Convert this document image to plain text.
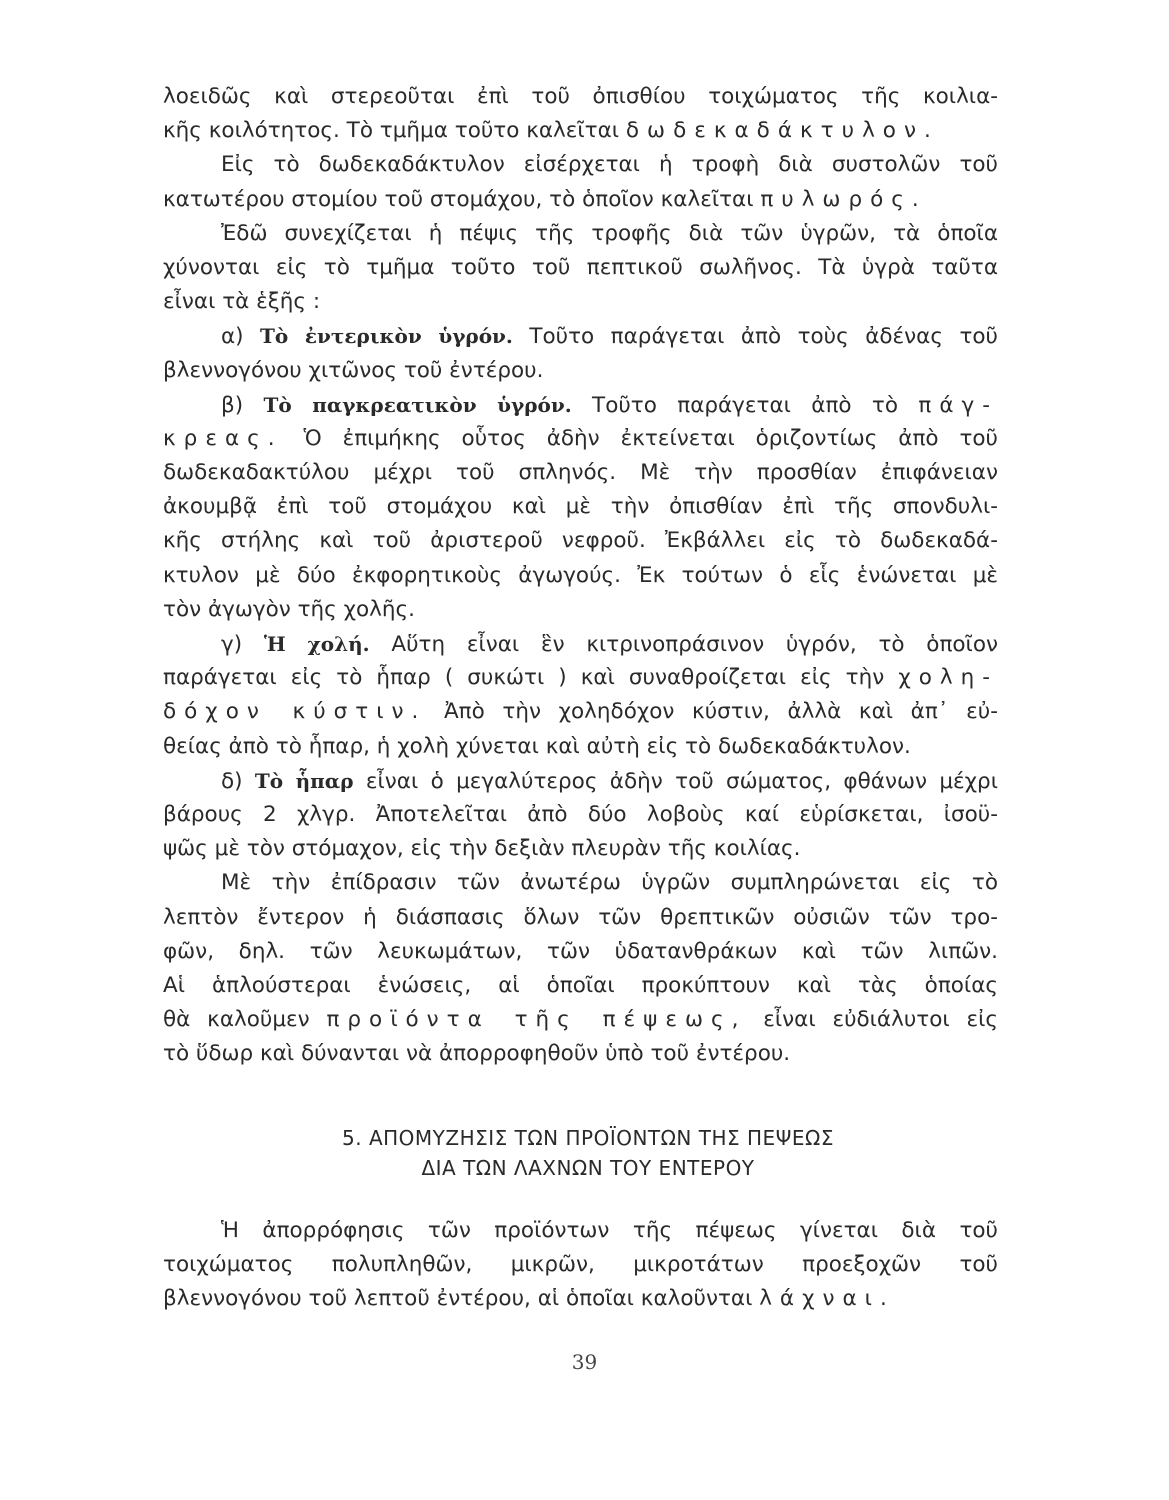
λοειδῶς καὶ στερεοῦται ἐπὶ τοῦ ὀπισθίου τοιχώματος τῆς κοιλια-
κῆς κοιλότητος. Τὸ τμῆμα τοῦτο καλεῖται δωδεκαδάκτυλον.
Εἰς τὸ δωδεκαδάκτυλον εἰσέρχεται ἡ τροφὴ διὰ συστολῶν τοῦ
κατωτέρου στομίου τοῦ στομάχου, τὸ ὁποῖον καλεῖται πυλωρός.
Ἐδῶ συνεχίζεται ἡ πέψις τῆς τροφῆς διὰ τῶν ὑγρῶν, τὰ ὁποῖα
χύνονται εἰς τὸ τμῆμα τοῦτο τοῦ πεπτικοῦ σωλῆνος. Τὰ ὑγρὰ ταῦτα
εἶναι τὰ ἑξῆς :
α) Τὸ ἐντερικὸν ὑγρόν. Τοῦτο παράγεται ἀπὸ τοὺς ἀδένας τοῦ
βλεννογόνου χιτῶνος τοῦ ἐντέρου.
β) Τὸ παγκρεατικὸν ὑγρόν. Τοῦτο παράγεται ἀπὸ τὸ πάγ-
κρεας. Ὁ ἐπιμήκης οὗτος ἀδὴν ἐκτείνεται ὁριζοντίως ἀπὸ τοῦ
δωδεκαδακτύλου μέχρι τοῦ σπληνός. Μὲ τὴν προσθίαν ἐπιφάνειαν
ἀκουμβᾷ ἐπὶ τοῦ στομάχου καὶ μὲ τὴν ὀπισθίαν ἐπὶ τῆς σπονδυλι-
κῆς στήλης καὶ τοῦ ἀριστεροῦ νεφροῦ. Ἐκβάλλει εἰς τὸ δωδεκαδά-
κτυλον μὲ δύο ἐκφορητικοὺς ἀγωγούς. Ἐκ τούτων ὁ εἷς ἑνώνεται μὲ
τὸν ἀγωγὸν τῆς χολῆς.
γ) Ἡ χολή. Αὕτη εἶναι ἓν κιτρινοπράσινον ὑγρόν, τὸ ὁποῖον
παράγεται εἰς τὸ ἧπαρ ( συκώτι ) καὶ συναθροίζεται εἰς τὴν χολη-
δόχον κύστιν. Ἀπὸ τὴν χοληδόχον κύστιν, ἀλλὰ καὶ ἀπ᾽ εὐ-
θείας ἀπὸ τὸ ἧπαρ, ἡ χολὴ χύνεται καὶ αὐτὴ εἰς τὸ δωδεκαδάκτυλον.
δ) Τὸ ἧπαρ εἶναι ὁ μεγαλύτερος ἀδὴν τοῦ σώματος, φθάνων μέχρι
βάρους 2 χλγρ. Ἀποτελεῖται ἀπὸ δύο λοβοὺς καί εὑρίσκεται, ἰσοϋ-
ψῶς μὲ τὸν στόμαχον, εἰς τὴν δεξιὰν πλευρὰν τῆς κοιλίας.
Μὲ τὴν ἐπίδρασιν τῶν ἀνωτέρω ὑγρῶν συμπληρώνεται εἰς τὸ
λεπτὸν ἔντερον ἡ διάσπασις ὅλων τῶν θρεπτικῶν οὐσιῶν τῶν τρο-
φῶν, δηλ. τῶν λευκωμάτων, τῶν ὑδατανθράκων καὶ τῶν λιπῶν.
Αἱ ἁπλούστεραι ἑνώσεις, αἱ ὁποῖαι προκύπτουν καὶ τὰς ὁποίας
θὰ καλοῦμεν προϊόντα τῆς πέψεως, εἶναι εὐδιάλυτοι εἰς
τὸ ὕδωρ καὶ δύνανται νὰ ἀπορροφηθοῦν ὑπὸ τοῦ ἐντέρου.
5. ΑΠΟΜΥΖΗΣΙΣ ΤΩΝ ΠΡΟΪΟΝΤΩΝ ΤΗΣ ΠΕΨΕΩΣ
ΔΙΑ ΤΩΝ ΛΑΧΝΩΝ ΤΟΥ ΕΝΤΕΡΟΥ
Ἡ ἀπορρόφησις τῶν προϊόντων τῆς πέψεως γίνεται διὰ τοῦ
τοιχώματος πολυπληθῶν, μικρῶν, μικροτάτων προεξοχῶν τοῦ
βλεννογόνου τοῦ λεπτοῦ ἐντέρου, αἱ ὁποῖαι καλοῦνται λάχναι.
39
